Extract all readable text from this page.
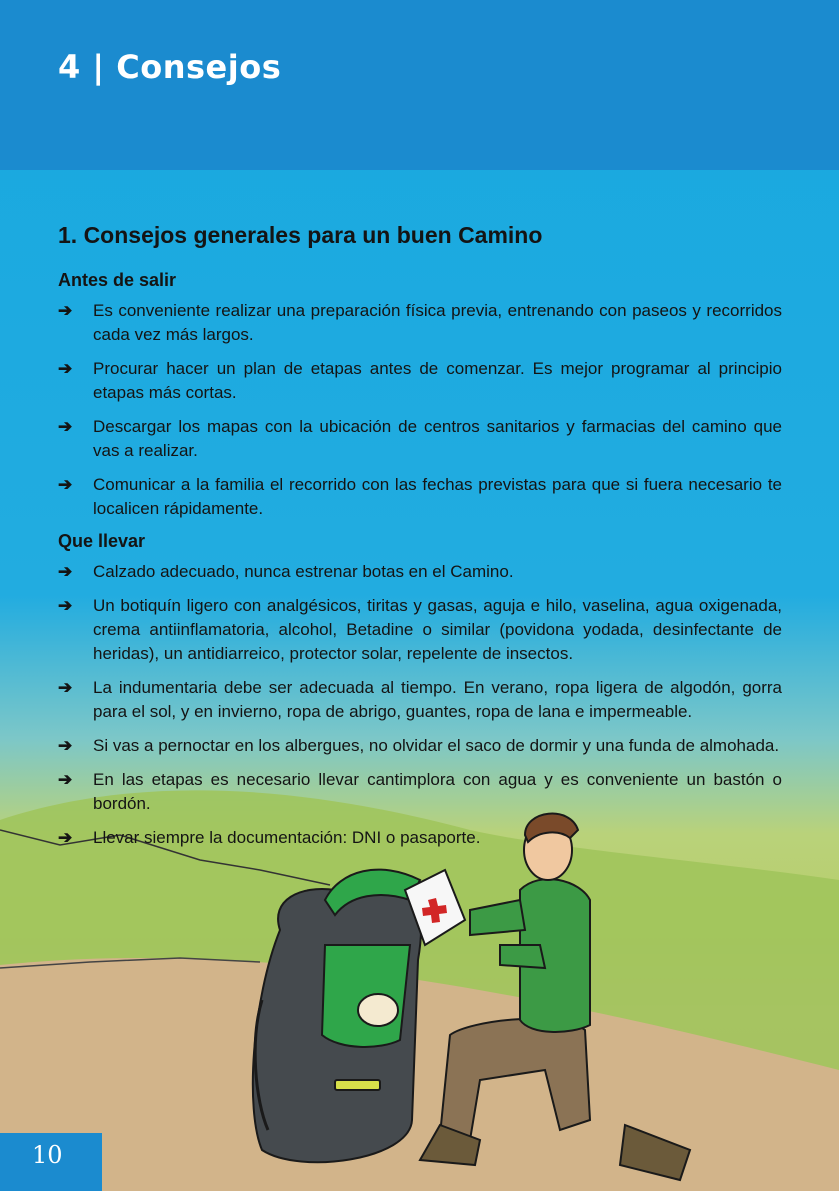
4 | Consejos
1. Consejos generales para un buen Camino
Antes de salir
➔ Es conveniente realizar una preparación física previa, entrenando con paseos y recorridos cada vez más largos.
➔ Procurar hacer un plan de etapas antes de comenzar. Es mejor programar al principio etapas más cortas.
➔ Descargar los mapas con la ubicación de centros sanitarios y farmacias del camino que vas a realizar.
➔ Comunicar a la familia el recorrido con las fechas previstas para que si fuera necesario te localicen rápidamente.
Que llevar
➔ Calzado adecuado, nunca estrenar botas en el Camino.
➔ Un botiquín ligero con analgésicos, tiritas y gasas, aguja e hilo, vaselina, agua oxigenada, crema antiinflamatoria, alcohol, Betadine o similar (povidona yodada, desinfectante de heridas), un antidiarreico, protector solar, repelente de insectos.
➔ La indumentaria debe ser adecuada al tiempo. En verano, ropa ligera de algodón, gorra para el sol, y en invierno, ropa de abrigo, guantes, ropa de lana e impermeable.
➔ Si vas a pernoctar en los albergues, no olvidar el saco de dormir y una funda de almohada.
➔ En las etapas es necesario llevar cantimplora con agua y es conveniente un bastón o bordón.
➔ Llevar siempre la documentación: DNI o pasaporte.
10
